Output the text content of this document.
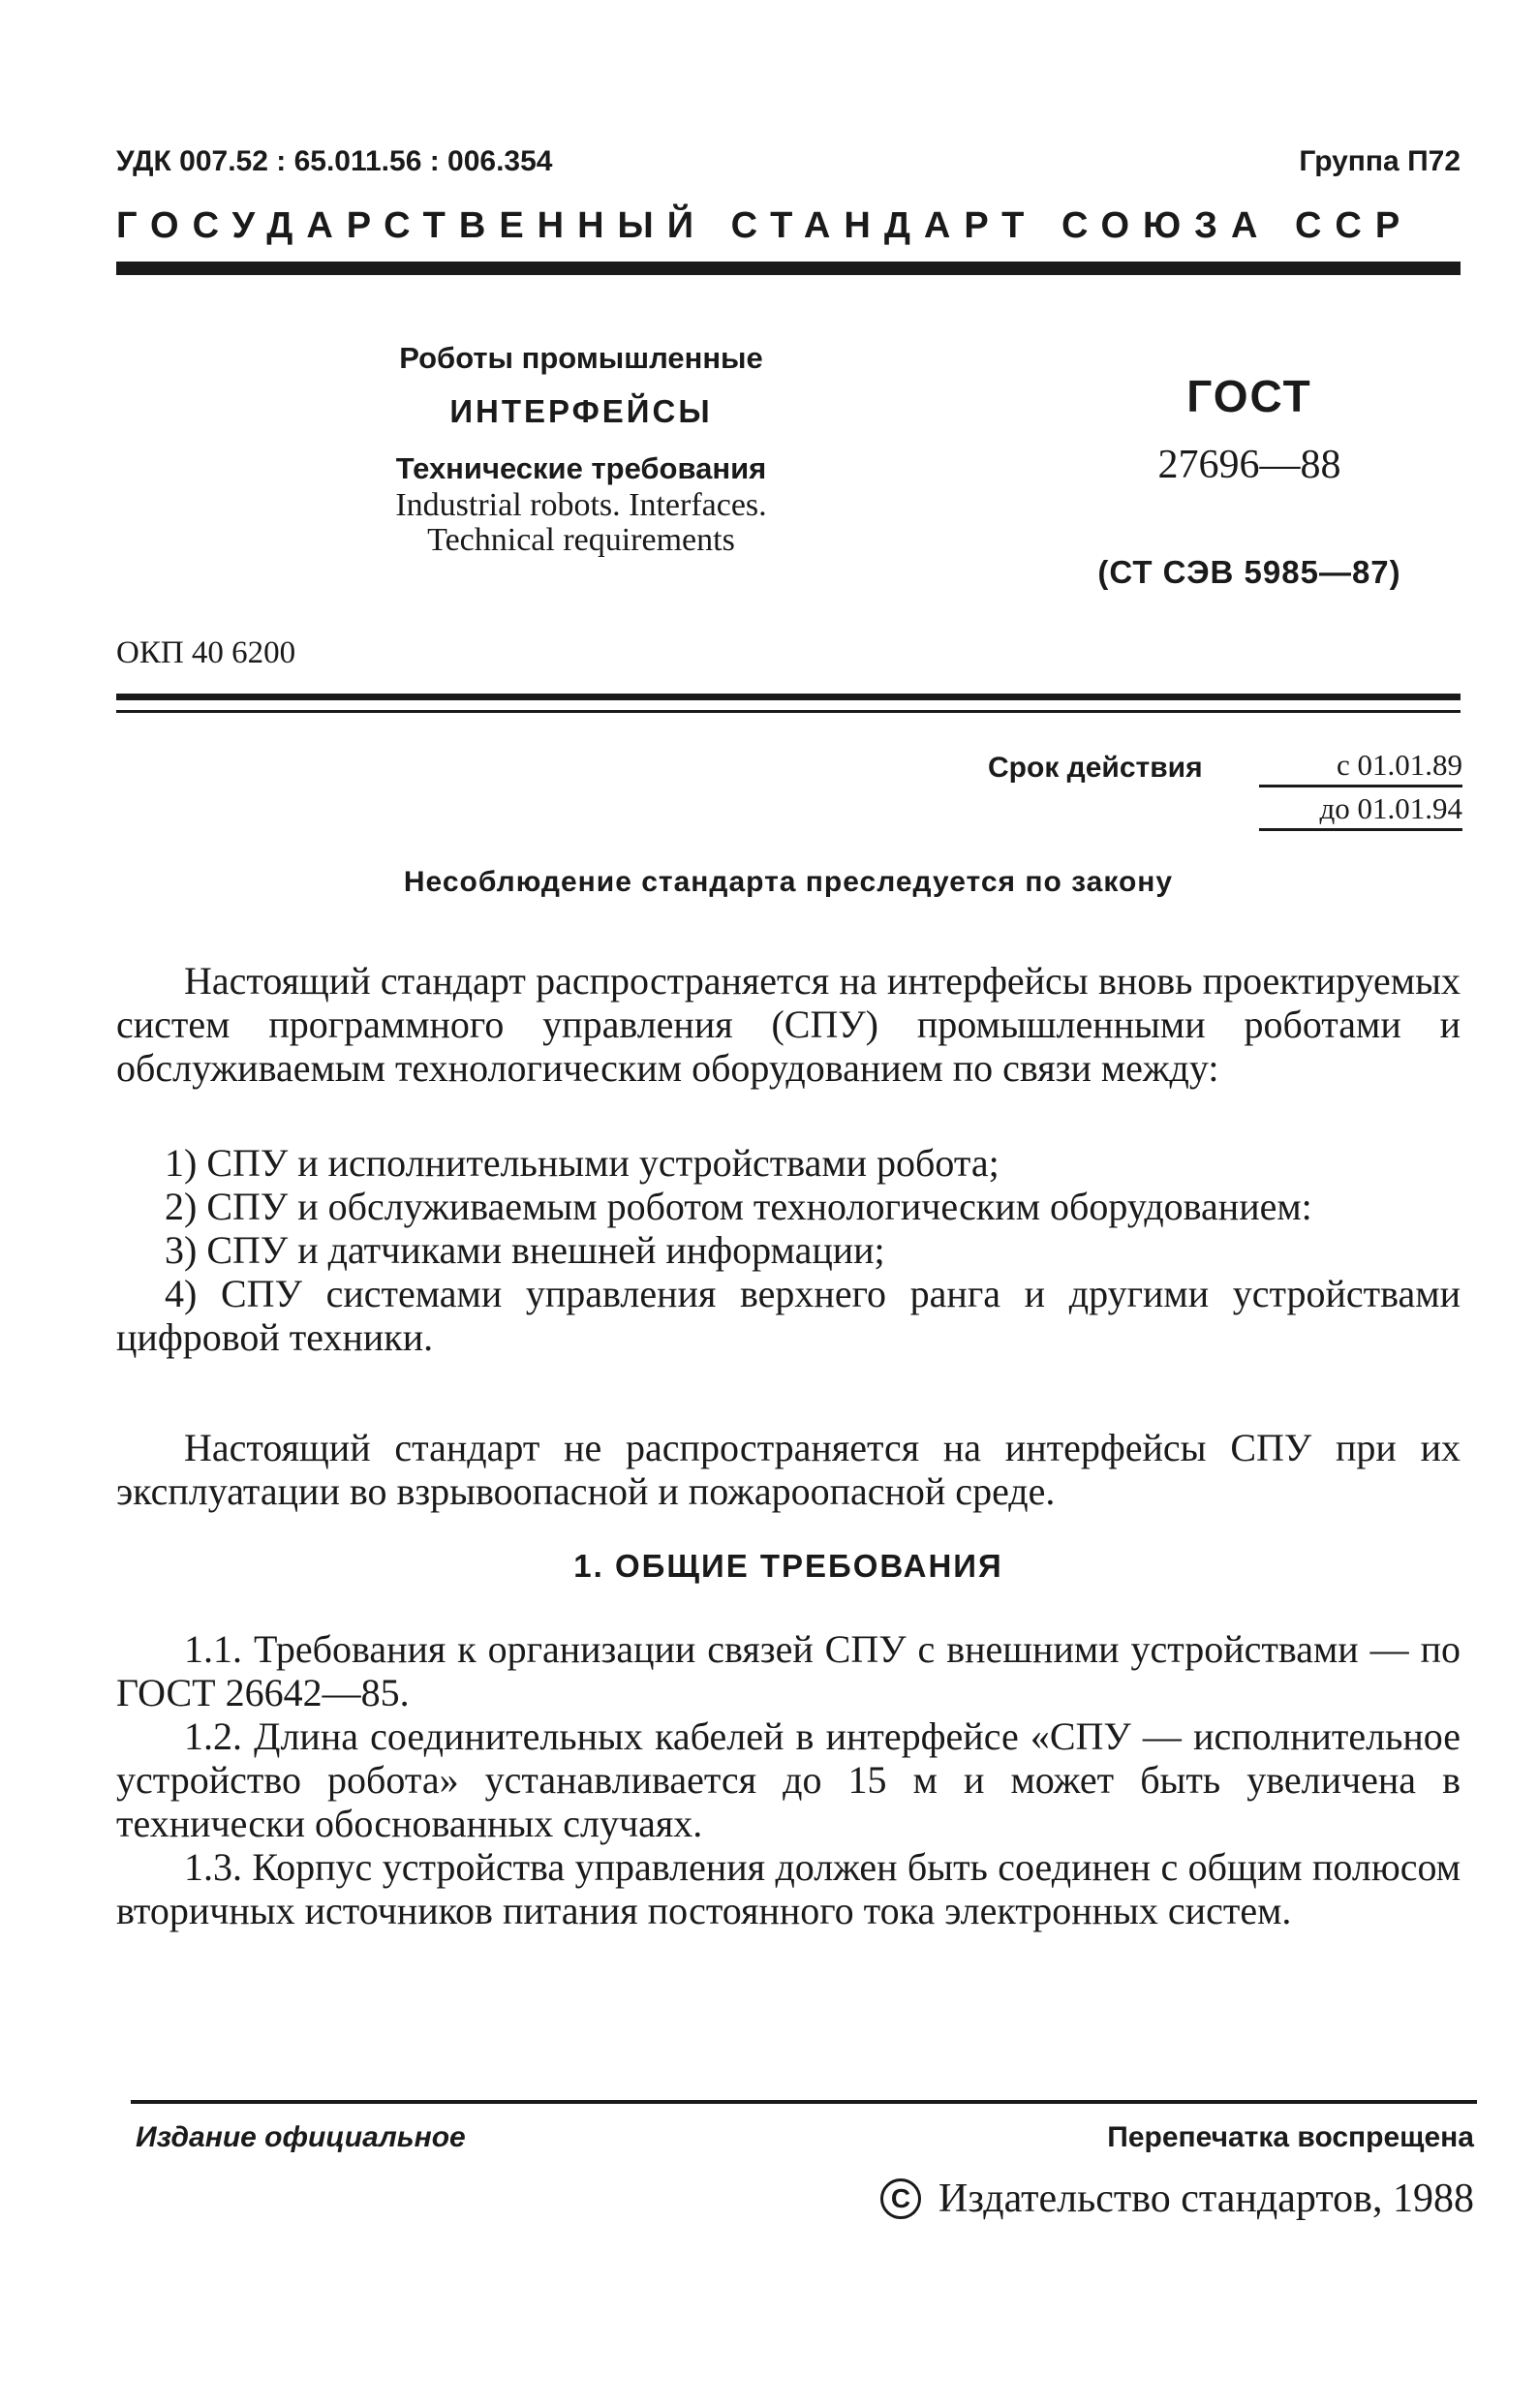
УДК 007.52 : 65.011.56 : 006.354	Группа П72
ГОСУДАРСТВЕННЫЙ СТАНДАРТ СОЮЗА ССР
Роботы промышленные
ИНТЕРФЕЙСЫ
Технические требования
Industrial robots. Interfaces.
Technical requirements
ГОСТ
27696—88
(СТ СЭВ 5985—87)
ОКП 40 6200
Срок действия	с 01.01.89
до 01.01.94
Несоблюдение стандарта преследуется по закону
Настоящий стандарт распространяется на интерфейсы вновь проектируемых систем программного управления (СПУ) промышленными роботами и обслуживаемым технологическим оборудованием по связи между:

1) СПУ и исполнительными устройствами робота;

2) СПУ и обслуживаемым роботом технологическим оборудованием:

3) СПУ и датчиками внешней информации;

4) СПУ системами управления верхнего ранга и другими устройствами цифровой техники.

Настоящий стандарт не распространяется на интерфейсы СПУ при их эксплуатации во взрывоопасной и пожароопасной среде.
1. ОБЩИЕ ТРЕБОВАНИЯ

1.1. Требования к организации связей СПУ с внешними устройствами — по ГОСТ 26642—85.

1.2. Длина соединительных кабелей в интерфейсе «СПУ — исполнительное устройство робота» устанавливается до 15 м и может быть увеличена в технически обоснованных случаях.

1.3. Корпус устройства управления должен быть соединен с общим полюсом вторичных источников питания постоянного тока электронных систем.

Издание официальное	Перепечатка воспрещена
C Издательство стандартов, 1988
